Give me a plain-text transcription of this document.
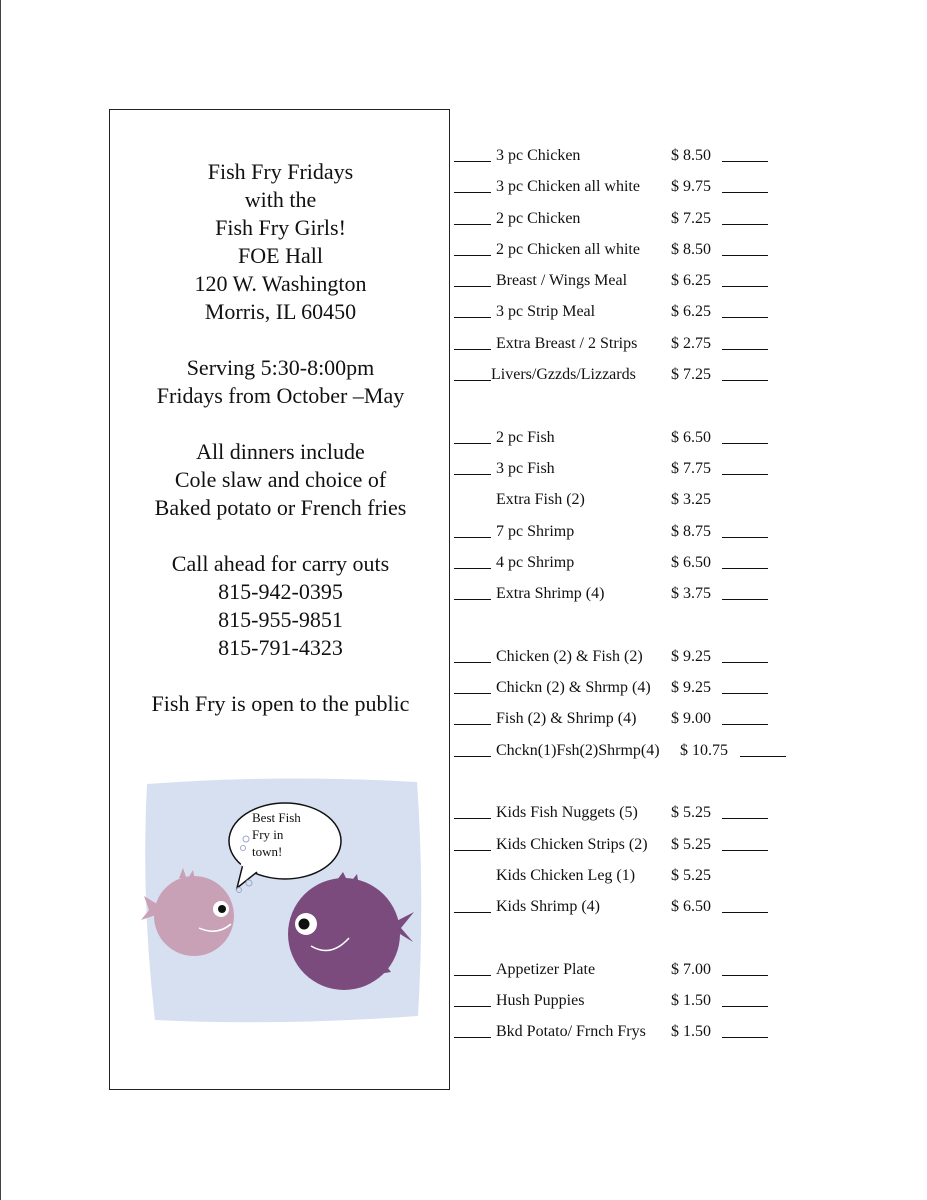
Fish Fry Fridays
with the
Fish Fry Girls!
FOE Hall
120 W. Washington
Morris, IL 60450
Serving 5:30-8:00pm
Fridays from October –May
All dinners include
Cole slaw and choice of
Baked potato or French fries
Call ahead for carry outs
815-942-0395
815-955-9851
815-791-4323
Fish Fry is open to the public
Best Fish
Fry in
town!
3 pc Chicken	$ 8.50
3 pc Chicken all white $ 9.75
2 pc Chicken	$ 7.25
2 pc Chicken all white $ 8.50
Breast / Wings Meal	$ 6.25
3 pc Strip Meal	$ 6.25
Extra Breast / 2 Strips $ 2.75
Livers/Gzzds/Lizzards $ 7.25
2 pc Fish	$ 6.50
3 pc Fish	$ 7.75
Extra Fish (2)	$ 3.25
7 pc Shrimp	$ 8.75
4 pc Shrimp	$ 6.50
Extra Shrimp (4)	$ 3.75
Chicken (2) & Fish (2) $ 9.25
Chickn (2) & Shrmp (4) $ 9.25
Fish (2) & Shrimp (4) $ 9.00
Chckn(1)Fsh(2)Shrmp(4) $ 10.75
Kids Fish Nuggets (5) $ 5.25
Kids Chicken Strips (2) $ 5.25
Kids Chicken Leg (1) $ 5.25
Kids Shrimp (4)	$ 6.50
Appetizer Plate	$ 7.00
Hush Puppies	$ 1.50
Bkd Potato/ Frnch Frys $ 1.50
